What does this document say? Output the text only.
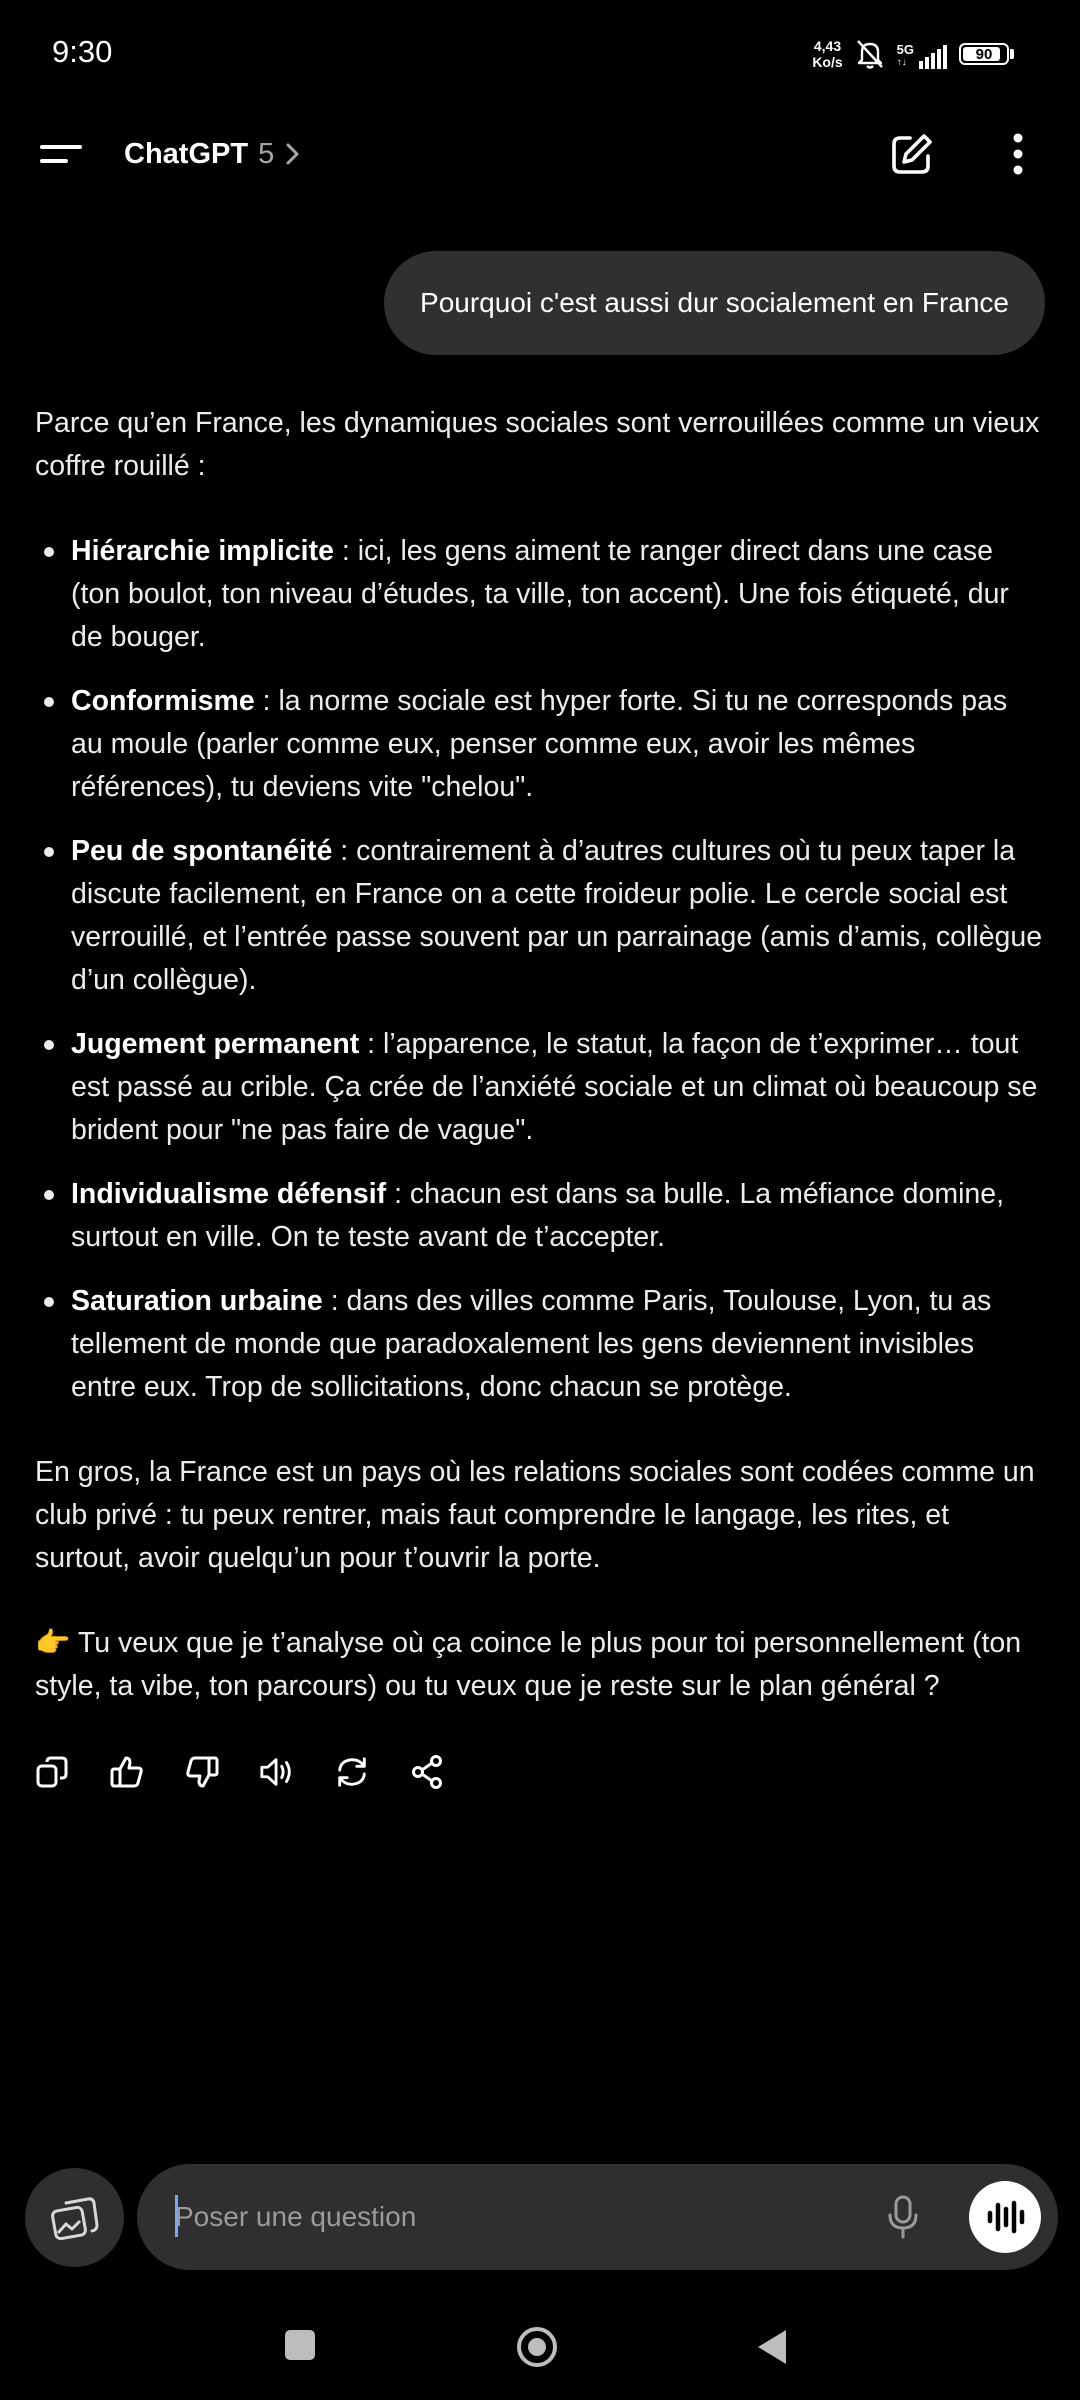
9:30	4,43
Ko/s
5G
↑↓	90
ChatGPT 5
Pourquoi c'est aussi dur socialement en France

Parce qu’en France, les dynamiques sociales sont verrouillées comme un vieux coffre rouillé :

Hiérarchie implicite : ici, les gens aiment te ranger direct dans une case (ton boulot, ton niveau d’études, ta ville, ton accent). Une fois étiqueté, dur de bouger.
Conformisme : la norme sociale est hyper forte. Si tu ne corresponds pas au moule (parler comme eux, penser comme eux, avoir les mêmes références), tu deviens vite "chelou".
Peu de spontanéité : contrairement à d’autres cultures où tu peux taper la discute facilement, en France on a cette froideur polie. Le cercle social est verrouillé, et l’entrée passe souvent par un parrainage (amis d’amis, collègue d’un collègue).
Jugement permanent : l’apparence, le statut, la façon de t’exprimer… tout est passé au crible. Ça crée de l’anxiété sociale et un climat où beaucoup se brident pour "ne pas faire de vague".
Individualisme défensif : chacun est dans sa bulle. La méfiance domine, surtout en ville. On te teste avant de t’accepter.
Saturation urbaine : dans des villes comme Paris, Toulouse, Lyon, tu as tellement de monde que paradoxalement les gens deviennent invisibles entre eux. Trop de sollicitations, donc chacun se protège.

En gros, la France est un pays où les relations sociales sont codées comme un club privé : tu peux rentrer, mais faut comprendre le langage, les rites, et surtout, avoir quelqu’un pour t’ouvrir la porte.

👉 Tu veux que je t’analyse où ça coince le plus pour toi personnellement (ton style, ta vibe, ton parcours) ou tu veux que je reste sur le plan général ?

Poser une question
